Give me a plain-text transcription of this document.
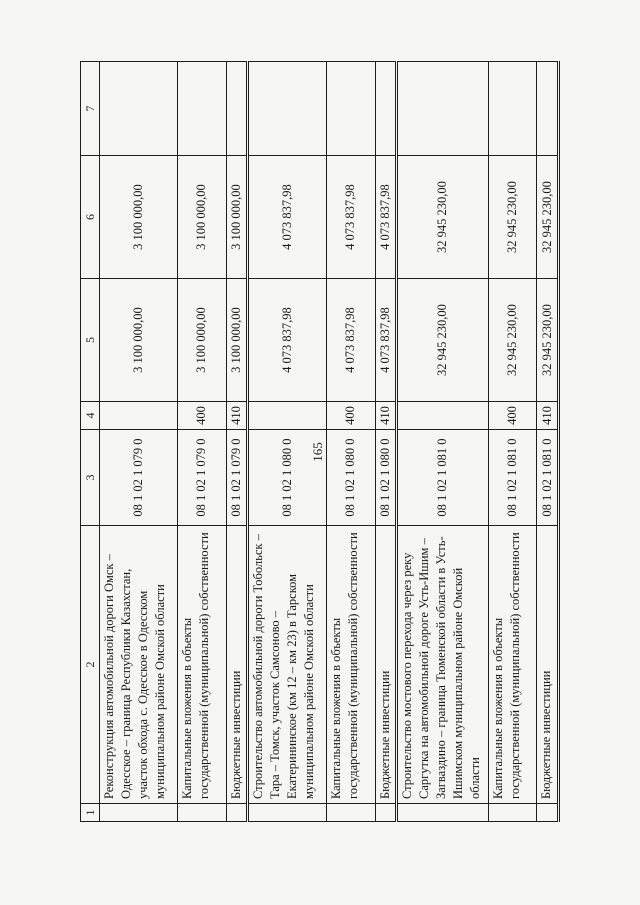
165
1	2	3	4	5	6	7
	Реконструкция автомобильной дороги Омск – Одесское – граница Республики Казахстан, участок обхода с. Одесское в Одесском муниципальном районе Омской области	08 1 02 1 079 0		3 100 000,00	3 100 000,00	
	Капитальные вложения в объекты государственной (муниципальной) собственности	08 1 02 1 079 0	400	3 100 000,00	3 100 000,00	
	Бюджетные инвестиции	08 1 02 1 079 0	410	3 100 000,00	3 100 000,00	
	Строительство автомобильной дороги Тобольск – Тара – Томск, участок Самсоново – Екатерининское (км 12 – км 23) в Тарском муниципальном районе Омской области	08 1 02 1 080 0		4 073 837,98	4 073 837,98	
	Капитальные вложения в объекты государственной (муниципальной) собственности	08 1 02 1 080 0	400	4 073 837,98	4 073 837,98	
	Бюджетные инвестиции	08 1 02 1 080 0	410	4 073 837,98	4 073 837,98	
	Строительство мостового перехода через реку Саргутка на автомобильной дороге Усть-Ишим – Загваздино – граница Тюменской области в Усть-Ишимском муниципальном районе Омской области	08 1 02 1 081 0		32 945 230,00	32 945 230,00	
	Капитальные вложения в объекты государственной (муниципальной) собственности	08 1 02 1 081 0	400	32 945 230,00	32 945 230,00	
	Бюджетные инвестиции	08 1 02 1 081 0	410	32 945 230,00	32 945 230,00	
